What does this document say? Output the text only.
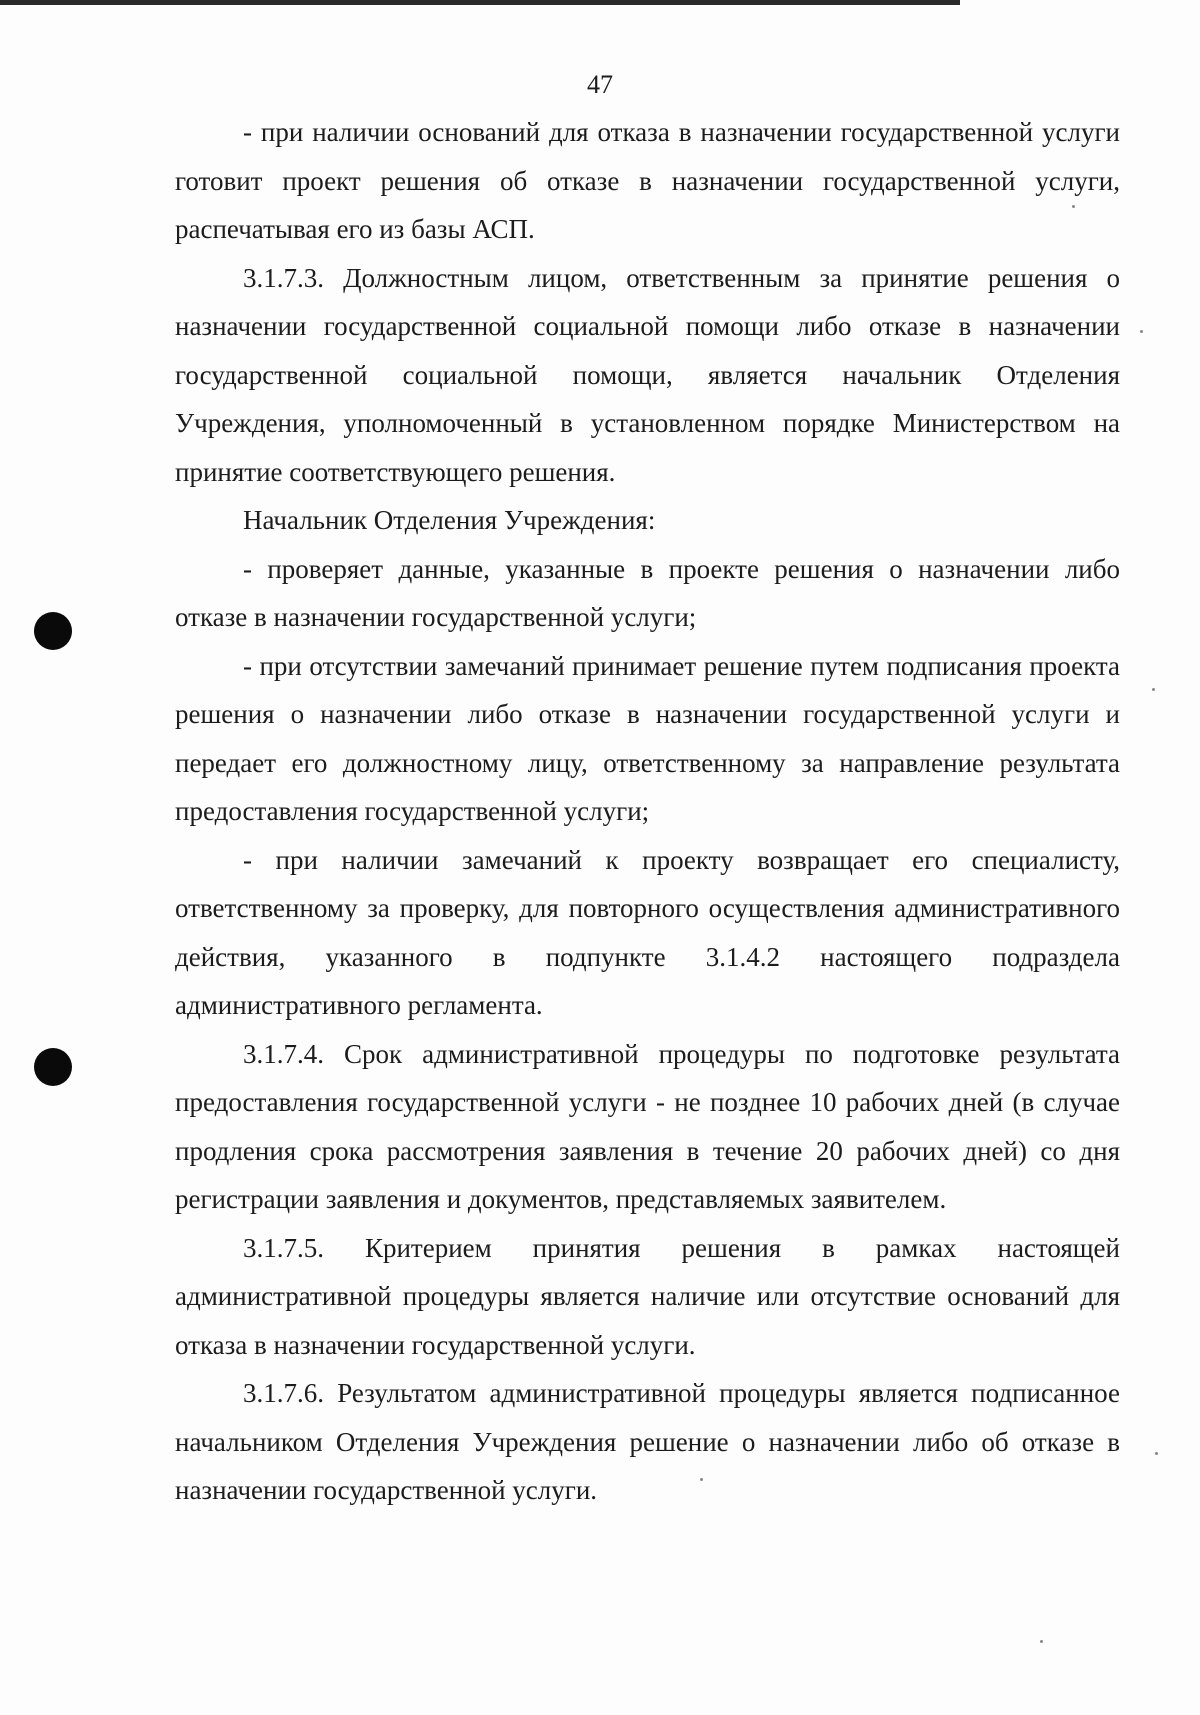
47

- при наличии оснований для отказа в назначении государственной услуги готовит проект решения об отказе в назначении государственной услуги, распечатывая его из базы АСП.

3.1.7.3. Должностным лицом, ответственным за принятие решения о назначении государственной социальной помощи либо отказе в назначении государственной социальной помощи, является начальник Отделения Учреждения, уполномоченный в установленном порядке Министерством на принятие соответствующего решения.

Начальник Отделения Учреждения:

- проверяет данные, указанные в проекте решения о назначении либо отказе в назначении государственной услуги;

- при отсутствии замечаний принимает решение путем подписания проекта решения о назначении либо отказе в назначении государственной услуги и передает его должностному лицу, ответственному за направление результата предоставления государственной услуги;

- при наличии замечаний к проекту возвращает его специалисту, ответственному за проверку, для повторного осуществления административного действия, указанного в подпункте 3.1.4.2 настоящего подраздела административного регламента.

3.1.7.4. Срок административной процедуры по подготовке результата предоставления государственной услуги - не позднее 10 рабочих дней (в случае продления срока рассмотрения заявления в течение 20 рабочих дней) со дня регистрации заявления и документов, представляемых заявителем.

3.1.7.5. Критерием принятия решения в рамках настоящей административной процедуры является наличие или отсутствие оснований для отказа в назначении государственной услуги.

3.1.7.6. Результатом административной процедуры является подписанное начальником Отделения Учреждения решение о назначении либо об отказе в назначении государственной услуги.
